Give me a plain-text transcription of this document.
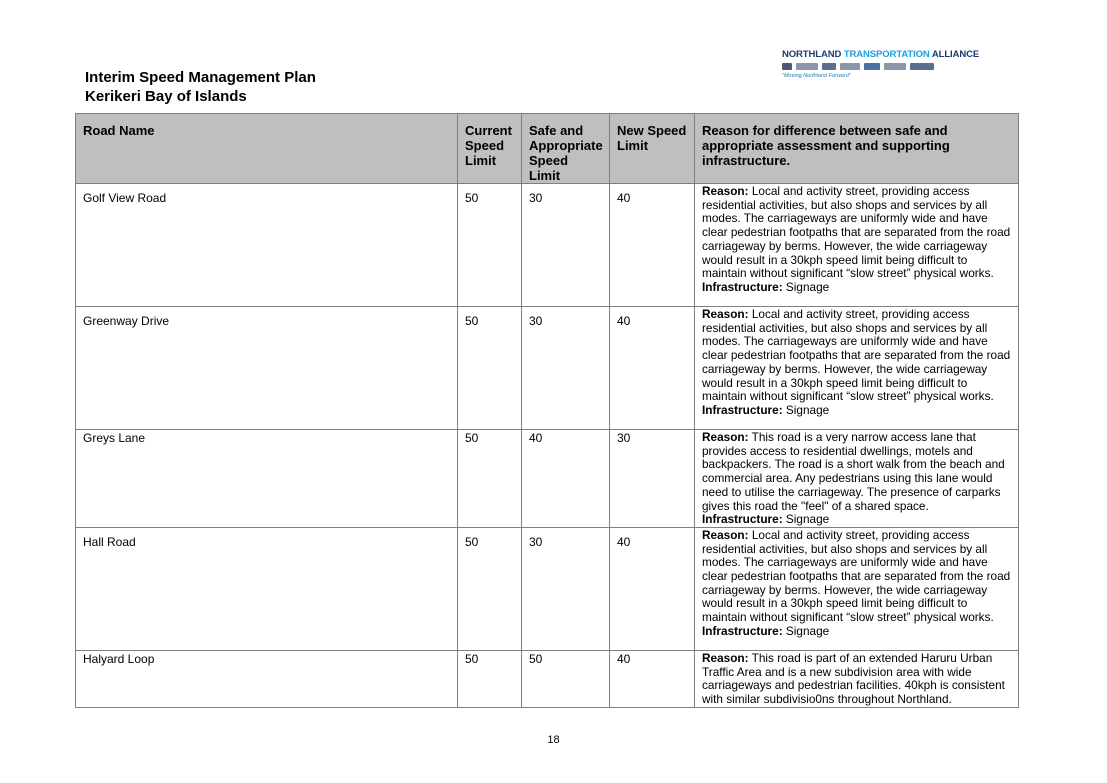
Interim Speed Management Plan
Kerikeri Bay of Islands
NORTHLAND TRANSPORTATION ALLIANCE
"Moving Northland Forward"
Road Name	Current Speed Limit	Safe and Appropriate Speed Limit	New Speed Limit	Reason for difference between safe and appropriate assessment and supporting infrastructure.
Golf View Road	50	30	40	Reason: Local and activity street, providing access residential activities, but also shops and services by all modes. The carriageways are uniformly wide and have clear pedestrian footpaths that are separated from the road carriageway by berms. However, the wide carriageway would result in a 30kph speed limit being difficult to maintain without significant “slow street” physical works.
Infrastructure: Signage
Greenway Drive	50	30	40	Reason: Local and activity street, providing access residential activities, but also shops and services by all modes. The carriageways are uniformly wide and have clear pedestrian footpaths that are separated from the road carriageway by berms. However, the wide carriageway would result in a 30kph speed limit being difficult to maintain without significant “slow street” physical works.
Infrastructure: Signage
Greys Lane	50	40	30	Reason: This road is a very narrow access lane that provides access to residential dwellings, motels and backpackers. The road is a short walk from the beach and commercial area. Any pedestrians using this lane would need to utilise the carriageway. The presence of carparks gives this road the "feel" of a shared space.
Infrastructure: Signage
Hall Road	50	30	40	Reason: Local and activity street, providing access residential activities, but also shops and services by all modes. The carriageways are uniformly wide and have clear pedestrian footpaths that are separated from the road carriageway by berms. However, the wide carriageway would result in a 30kph speed limit being difficult to maintain without significant “slow street” physical works.
Infrastructure: Signage
Halyard Loop	50	50	40	Reason: This road is part of an extended Haruru Urban Traffic Area and is a new subdivision area with wide carriageways and pedestrian facilities. 40kph is consistent with similar subdivisio0ns throughout Northland.
18
